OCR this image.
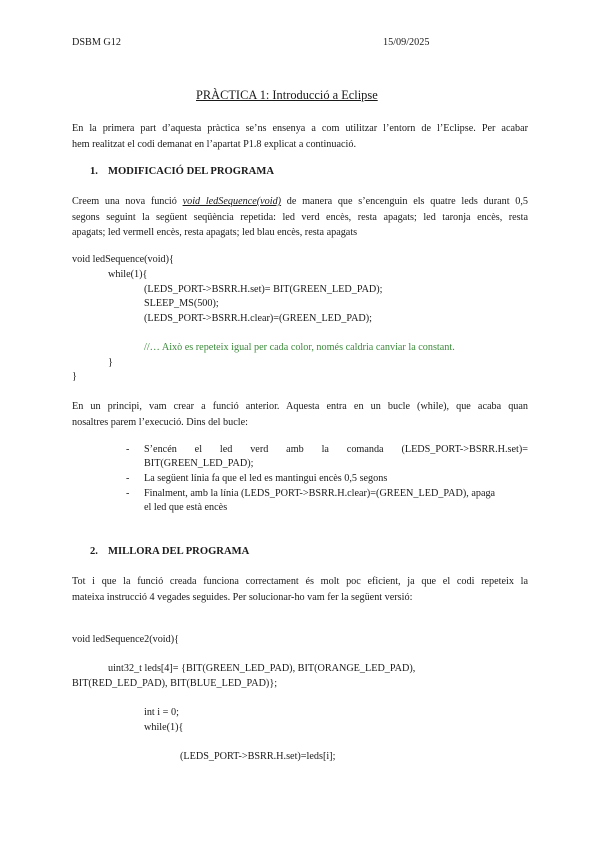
DSBM G12	15/09/2025
PRÀCTICA 1: Introducció a Eclipse
En la primera part d’aquesta pràctica se’ns ensenya a com utilitzar l’entorn de l’Eclipse. Per acabar
hem realitzat el codi demanat en l’apartat P1.8 explicat a continuació.
1. MODIFICACIÓ DEL PROGRAMA
Creem una nova funció void ledSequence(void) de manera que s’encenguin els quatre leds durant 0,5
segons seguint la següent seqüència repetida: led verd encès, resta apagats; led taronja encès, resta
apagats; led vermell encès, resta apagats; led blau encès, resta apagats
void ledSequence(void){
while(1){
(LEDS_PORT->BSRR.H.set)= BIT(GREEN_LED_PAD);
SLEEP_MS(500);
(LEDS_PORT->BSRR.H.clear)=(GREEN_LED_PAD);
//… Això es repeteix igual per cada color, només caldria canviar la constant.
}
}
En un principi, vam crear a funció anterior. Aquesta entra en un bucle (while), que acaba quan
nosaltres parem l’execució. Dins del bucle:
- S’encén el led verd amb la comanda (LEDS_PORT->BSRR.H.set)=
BIT(GREEN_LED_PAD);
- La següent línia fa que el led es mantingui encès 0,5 segons
- Finalment, amb la línia (LEDS_PORT->BSRR.H.clear)=(GREEN_LED_PAD), apaga
el led que està encès
2. MILLORA DEL PROGRAMA
Tot i que la funció creada funciona correctament és molt poc eficient, ja que el codi repeteix la
mateixa instrucció 4 vegades seguides. Per solucionar-ho vam fer la següent versió:
void ledSequence2(void){
uint32_t leds[4]= {BIT(GREEN_LED_PAD), BIT(ORANGE_LED_PAD),
BIT(RED_LED_PAD), BIT(BLUE_LED_PAD)};
int i = 0;
while(1){
(LEDS_PORT->BSRR.H.set)=leds[i];
